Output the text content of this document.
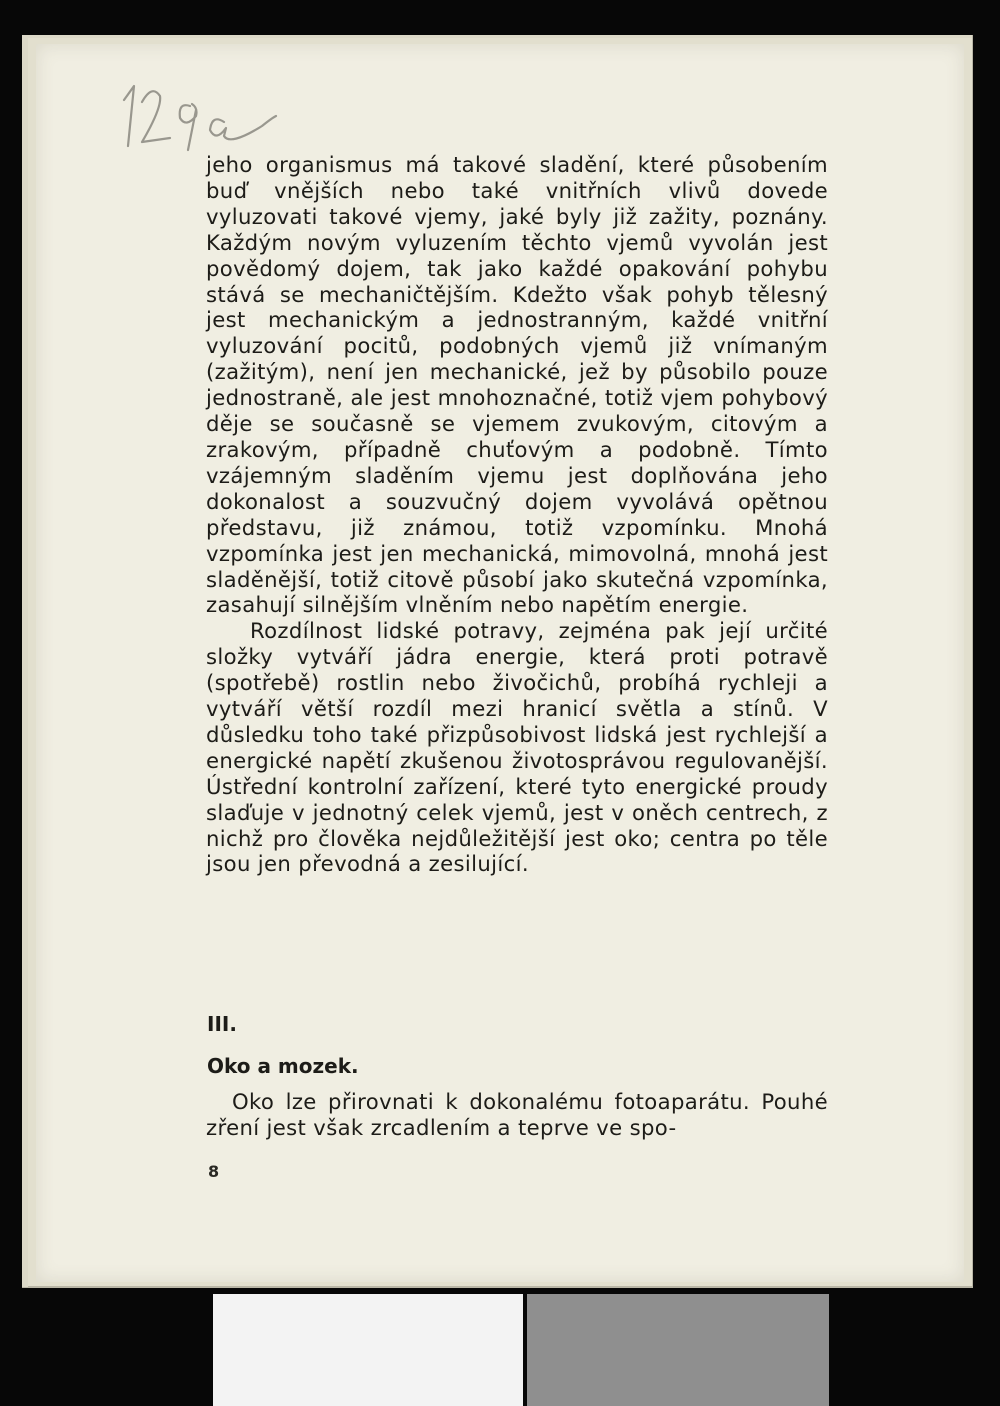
jeho organismus má takové sladění, které působením buď vnějších nebo také vnitřních vlivů dovede vyluzovati takové vjemy, jaké byly již zažity, poznány. Každým novým vyluzením těchto vjemů vyvolán jest povědomý dojem, tak jako každé opakování pohybu stává se mechaničtějším. Kdežto však pohyb tělesný jest mechanickým a jednostranným, každé vnitřní vyluzování pocitů, podobných vjemů již vnímaným (zažitým), není jen mechanické, jež by působilo pouze jednostraně, ale jest mnohoznačné, totiž vjem pohybový děje se současně se vjemem zvukovým, citovým a zrakovým, případně chuťovým a podobně. Tímto vzájemným sladěním vjemu jest doplňována jeho dokonalost a souzvučný dojem vyvolává opětnou představu, již známou, totiž vzpomínku. Mnohá vzpomínka jest jen mechanická, mimovolná, mnohá jest sladěnější, totiž citově působí jako skutečná vzpomínka, zasahují silnějším vlněním nebo napětím energie.

Rozdílnost lidské potravy, zejména pak její určité složky vytváří jádra energie, která proti potravě (spotřebě) rostlin nebo živočichů, probíhá rychleji a vytváří větší rozdíl mezi hranicí světla a stínů. V důsledku toho také přizpůsobivost lidská jest rychlejší a energické napětí zkušenou životosprávou regulovanější. Ústřední kontrolní zařízení, které tyto energické proudy slaďuje v jednotný celek vjemů, jest v oněch centrech, z nichž pro člověka nejdůležitější jest oko; centra po těle jsou jen převodná a zesilující.

III.
Oko a mozek.

Oko lze přirovnati k dokonalému fotoaparátu. Pouhé zření jest však zrcadlením a teprve ve spo-

8
